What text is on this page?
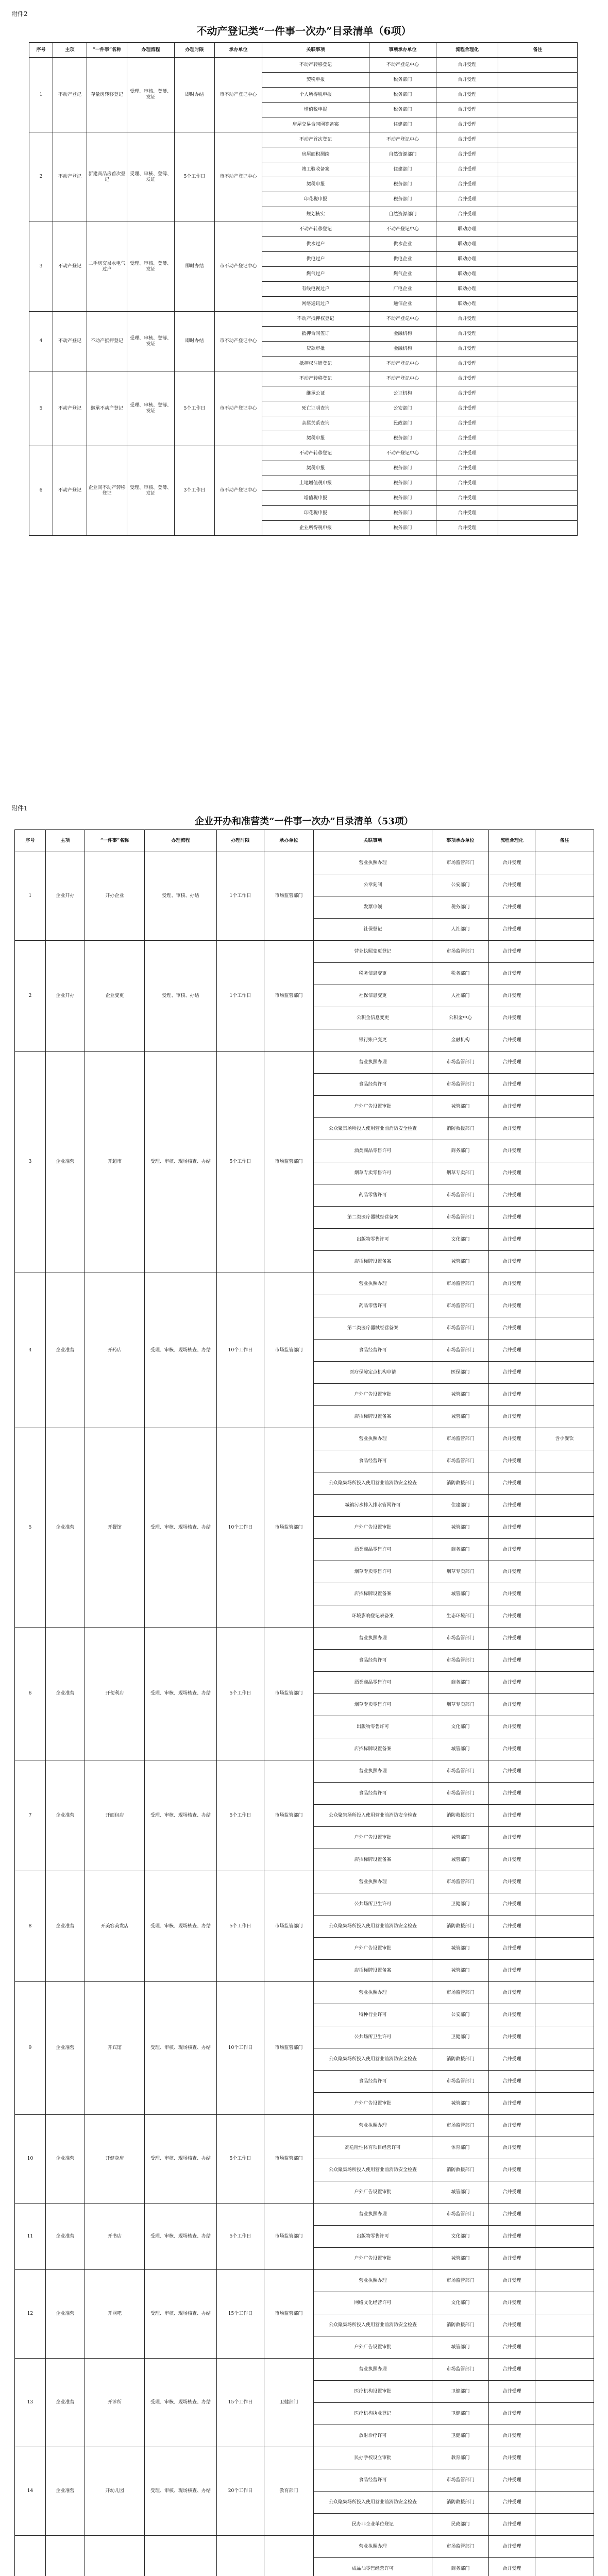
附件2
不动产登记类“一件事一次办”目录清单（6项）
序号	主项	“一件事”名称	办理流程	办理时限	承办单位	关联事项	事项承办单位	流程合理化	备注
1	不动产登记	存量房转移登记	受理、审核、登簿、发证	即时办结	市不动产登记中心	不动产转移登记	不动产登记中心	合并受理	
						契税申报	税务部门	合并受理	
						个人所得税申报	税务部门	合并受理	
						增值税申报	税务部门	合并受理	
						房屋交易合同网签备案	住建部门	合并受理	
2	不动产登记	新建商品房首次登记	受理、审核、登簿、发证	5个工作日	市不动产登记中心	不动产首次登记	不动产登记中心	合并受理	
						房屋面积测绘	自然资源部门	合并受理	
						竣工验收备案	住建部门	合并受理	
						契税申报	税务部门	合并受理	
						印花税申报	税务部门	合并受理	
						规划核实	自然资源部门	合并受理	
3	不动产登记	二手房交易水电气过户	受理、审核、登簿、发证	即时办结	市不动产登记中心	不动产转移登记	不动产登记中心	联动办理	
						供水过户	供水企业	联动办理	
						供电过户	供电企业	联动办理	
						燃气过户	燃气企业	联动办理	
						有线电视过户	广电企业	联动办理	
						网络通讯过户	通信企业	联动办理	
4	不动产登记	不动产抵押登记	受理、审核、登簿、发证	即时办结	市不动产登记中心	不动产抵押权登记	不动产登记中心	合并受理	
						抵押合同签订	金融机构	合并受理	
						贷款审批	金融机构	合并受理	
						抵押权注销登记	不动产登记中心	合并受理	
5	不动产登记	继承不动产登记	受理、审核、登簿、发证	5个工作日	市不动产登记中心	不动产转移登记	不动产登记中心	合并受理	
						继承公证	公证机构	合并受理	
						死亡证明查询	公安部门	合并受理	
						亲属关系查询	民政部门	合并受理	
						契税申报	税务部门	合并受理	
6	不动产登记	企业间不动产转移登记	受理、审核、登簿、发证	3个工作日	市不动产登记中心	不动产转移登记	不动产登记中心	合并受理	
						契税申报	税务部门	合并受理	
						土地增值税申报	税务部门	合并受理	
						增值税申报	税务部门	合并受理	
						印花税申报	税务部门	合并受理	
						企业所得税申报	税务部门	合并受理	
附件1
企业开办和准营类“一件事一次办”目录清单（53项）
序号	主项	“一件事”名称	办理流程	办理时限	承办单位	关联事项	事项承办单位	流程合理化	备注
1	企业开办	开办企业	受理、审核、办结	1个工作日	市场监管部门	营业执照办理	市场监管部门	合并受理	
						公章刻制	公安部门	合并受理	
						发票申领	税务部门	合并受理	
						社保登记	人社部门	合并受理	
2	企业开办	企业变更	受理、审核、办结	1个工作日	市场监管部门	营业执照变更登记	市场监管部门	合并受理	
						税务信息变更	税务部门	合并受理	
						社保信息变更	人社部门	合并受理	
						公积金信息变更	公积金中心	合并受理	
						银行账户变更	金融机构	合并受理	
3	企业准营	开超市	受理、审核、现场核查、办结	5个工作日	市场监管部门	营业执照办理	市场监管部门	合并受理	
						食品经营许可	市场监管部门	合并受理	
						户外广告设置审批	城管部门	合并受理	
						公众聚集场所投入使用营业前消防安全检查	消防救援部门	合并受理	
						酒类商品零售许可	商务部门	合并受理	
						烟草专卖零售许可	烟草专卖部门	合并受理	
						药品零售许可	市场监管部门	合并受理	
						第二类医疗器械经营备案	市场监管部门	合并受理	
						出版物零售许可	文化部门	合并受理	
						店招标牌设置备案	城管部门	合并受理	
4	企业准营	开药店	受理、审核、现场核查、办结	10个工作日	市场监管部门	营业执照办理	市场监管部门	合并受理	
						药品零售许可	市场监管部门	合并受理	
						第二类医疗器械经营备案	市场监管部门	合并受理	
						食品经营许可	市场监管部门	合并受理	
						医疗保障定点机构申请	医保部门	合并受理	
						户外广告设置审批	城管部门	合并受理	
						店招标牌设置备案	城管部门	合并受理	
5	企业准营	开餐馆	受理、审核、现场核查、办结	10个工作日	市场监管部门	营业执照办理	市场监管部门	合并受理	含小餐饮
						食品经营许可	市场监管部门	合并受理	
						公众聚集场所投入使用营业前消防安全检查	消防救援部门	合并受理	
						城镇污水排入排水管网许可	住建部门	合并受理	
						户外广告设置审批	城管部门	合并受理	
						酒类商品零售许可	商务部门	合并受理	
						烟草专卖零售许可	烟草专卖部门	合并受理	
						店招标牌设置备案	城管部门	合并受理	
						环境影响登记表备案	生态环境部门	合并受理	
6	企业准营	开便利店	受理、审核、现场核查、办结	5个工作日	市场监管部门	营业执照办理	市场监管部门	合并受理	
						食品经营许可	市场监管部门	合并受理	
						酒类商品零售许可	商务部门	合并受理	
						烟草专卖零售许可	烟草专卖部门	合并受理	
						出版物零售许可	文化部门	合并受理	
						店招标牌设置备案	城管部门	合并受理	
7	企业准营	开面包店	受理、审核、现场核查、办结	5个工作日	市场监管部门	营业执照办理	市场监管部门	合并受理	
						食品经营许可	市场监管部门	合并受理	
						公众聚集场所投入使用营业前消防安全检查	消防救援部门	合并受理	
						户外广告设置审批	城管部门	合并受理	
						店招标牌设置备案	城管部门	合并受理	
8	企业准营	开美容美发店	受理、审核、现场核查、办结	5个工作日	市场监管部门	营业执照办理	市场监管部门	合并受理	
						公共场所卫生许可	卫健部门	合并受理	
						公众聚集场所投入使用营业前消防安全检查	消防救援部门	合并受理	
						户外广告设置审批	城管部门	合并受理	
						店招标牌设置备案	城管部门	合并受理	
9	企业准营	开宾馆	受理、审核、现场核查、办结	10个工作日	市场监管部门	营业执照办理	市场监管部门	合并受理	
						特种行业许可	公安部门	合并受理	
						公共场所卫生许可	卫健部门	合并受理	
						公众聚集场所投入使用营业前消防安全检查	消防救援部门	合并受理	
						食品经营许可	市场监管部门	合并受理	
						户外广告设置审批	城管部门	合并受理	
10	企业准营	开健身房	受理、审核、现场核查、办结	5个工作日	市场监管部门	营业执照办理	市场监管部门	合并受理	
						高危险性体育项目经营许可	体育部门	合并受理	
						公众聚集场所投入使用营业前消防安全检查	消防救援部门	合并受理	
						户外广告设置审批	城管部门	合并受理	
11	企业准营	开书店	受理、审核、现场核查、办结	5个工作日	市场监管部门	营业执照办理	市场监管部门	合并受理	
						出版物零售许可	文化部门	合并受理	
						户外广告设置审批	城管部门	合并受理	
12	企业准营	开网吧	受理、审核、现场核查、办结	15个工作日	市场监管部门	营业执照办理	市场监管部门	合并受理	
						网络文化经营许可	文化部门	合并受理	
						公众聚集场所投入使用营业前消防安全检查	消防救援部门	合并受理	
						户外广告设置审批	城管部门	合并受理	
13	企业准营	开诊所	受理、审核、现场核查、办结	15个工作日	卫健部门	营业执照办理	市场监管部门	合并受理	
						医疗机构设置审批	卫健部门	合并受理	
						医疗机构执业登记	卫健部门	合并受理	
						放射诊疗许可	卫健部门	合并受理	
14	企业准营	开幼儿园	受理、审核、现场核查、办结	20个工作日	教育部门	民办学校设立审批	教育部门	合并受理	
						食品经营许可	市场监管部门	合并受理	
						公众聚集场所投入使用营业前消防安全检查	消防救援部门	合并受理	
						民办非企业单位登记	民政部门	合并受理	
						营业执照办理	市场监管部门	合并受理	
						成品油零售经营许可	商务部门	合并受理	
